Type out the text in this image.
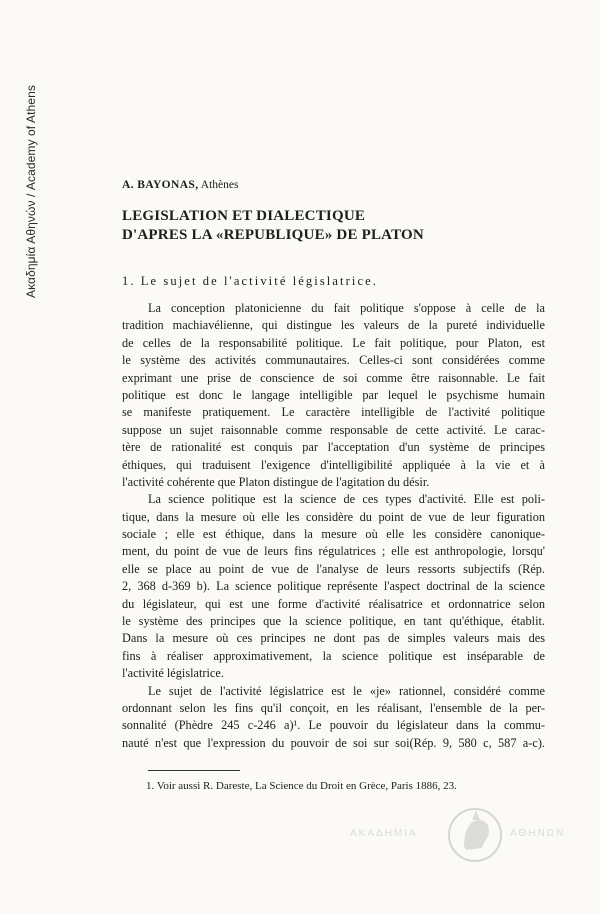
Ακαδημία Αθηνών / Academy of Athens	A. BAYONAS, Athènes
LEGISLATION ET DIALECTIQUE
D'APRES LA «REPUBLIQUE» DE PLATON
1. Le sujet de l'activité législatrice.
La conception platonicienne du fait politique s'oppose à celle de la
tradition machiavélienne, qui distingue les valeurs de la pureté individuelle
de celles de la responsabilité politique. Le fait politique, pour Platon, est
le système des activités communautaires. Celles-ci sont considérées comme
exprimant une prise de conscience de soi comme être raisonnable. Le fait
politique est donc le langage intelligible par lequel le psychisme humain
se manifeste pratiquement. Le caractère intelligible de l'activité politique
suppose un sujet raisonnable comme responsable de cette activité. Le carac-
tère de rationalité est conquis par l'acceptation d'un système de principes
éthiques, qui traduisent l'exigence d'intelligibilité appliquée à la vie et à
l'activité cohérente que Platon distingue de l'agitation du désir.
La science politique est la science de ces types d'activité. Elle est poli-
tique, dans la mesure où elle les considère du point de vue de leur figuration
sociale ; elle est éthique, dans la mesure où elle les considère canonique-
ment, du point de vue de leurs fins régulatrices ; elle est anthropologie, lorsqu'
elle se place au point de vue de l'analyse de leurs ressorts subjectifs (Rép.
2, 368 d-369 b). La science politique représente l'aspect doctrinal de la science
du législateur, qui est une forme d'activité réalisatrice et ordonnatrice selon
le système des principes que la science politique, en tant qu'éthique, établit.
Dans la mesure où ces principes ne dont pas de simples valeurs mais des
fins à réaliser approximativement, la science politique est inséparable de
l'activité législatrice.
Le sujet de l'activité législatrice est le «je» rationnel, considéré comme
ordonnant selon les fins qu'il conçoit, en les réalisant, l'ensemble de la per-
sonnalité (Phèdre 245 c-246 a)¹. Le pouvoir du législateur dans la commu-
nauté n'est que l'expression du pouvoir de soi sur soi(Rép. 9, 580 c, 587 a-c).
1. Voir aussi R. Dareste, La Science du Droit en Grèce, Paris 1886, 23.
ΑΚΑΔΗΜΙΑ	ΑΘΗΝΩΝ
